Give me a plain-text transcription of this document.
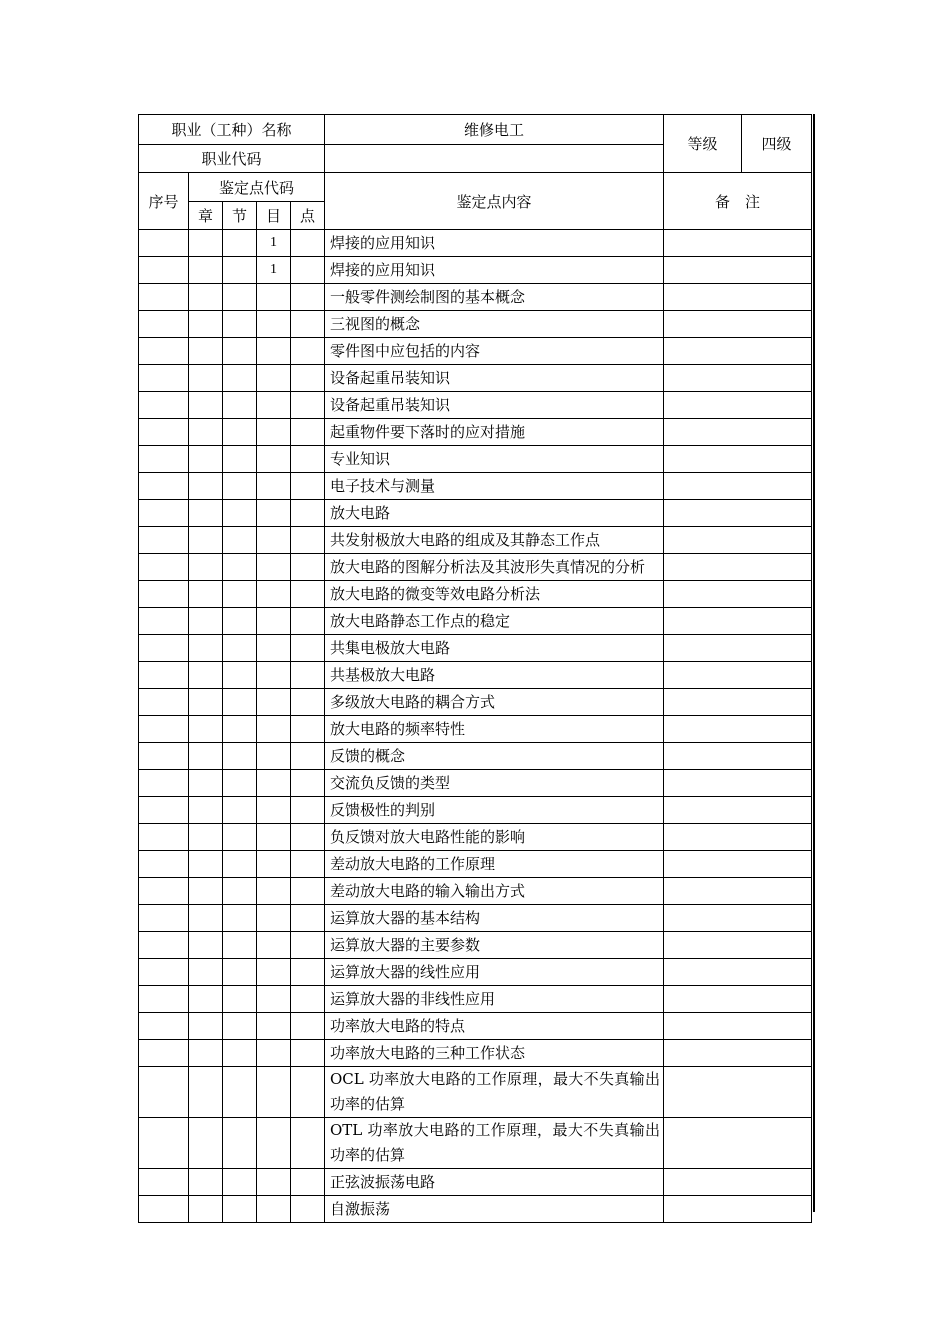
职业（工种）名称					维修电工	等级	四级
职业代码							
序号	鉴定点代码				鉴定点内容	备　注	
	章	节	目	点			
			1		焊接的应用知识		
			1		焊接的应用知识		
					一般零件测绘制图的基本概念		
					三视图的概念		
					零件图中应包括的内容		
					设备起重吊装知识		
					设备起重吊装知识		
					起重物件要下落时的应对措施		
					专业知识		
					电子技术与测量		
					放大电路		
					共发射极放大电路的组成及其静态工作点		
					放大电路的图解分析法及其波形失真情况的分析		
					放大电路的微变等效电路分析法		
					放大电路静态工作点的稳定		
					共集电极放大电路		
					共基极放大电路		
					多级放大电路的耦合方式		
					放大电路的频率特性		
					反馈的概念		
					交流负反馈的类型		
					反馈极性的判别		
					负反馈对放大电路性能的影响		
					差动放大电路的工作原理		
					差动放大电路的输入输出方式		
					运算放大器的基本结构		
					运算放大器的主要参数		
					运算放大器的线性应用		
					运算放大器的非线性应用		
					功率放大电路的特点		
					功率放大电路的三种工作状态		
					OCL 功率放大电路的工作原理，最大不失真输出功率的估算		
					OTL 功率放大电路的工作原理，最大不失真输出功率的估算		
					正弦波振荡电路		
					自激振荡		
